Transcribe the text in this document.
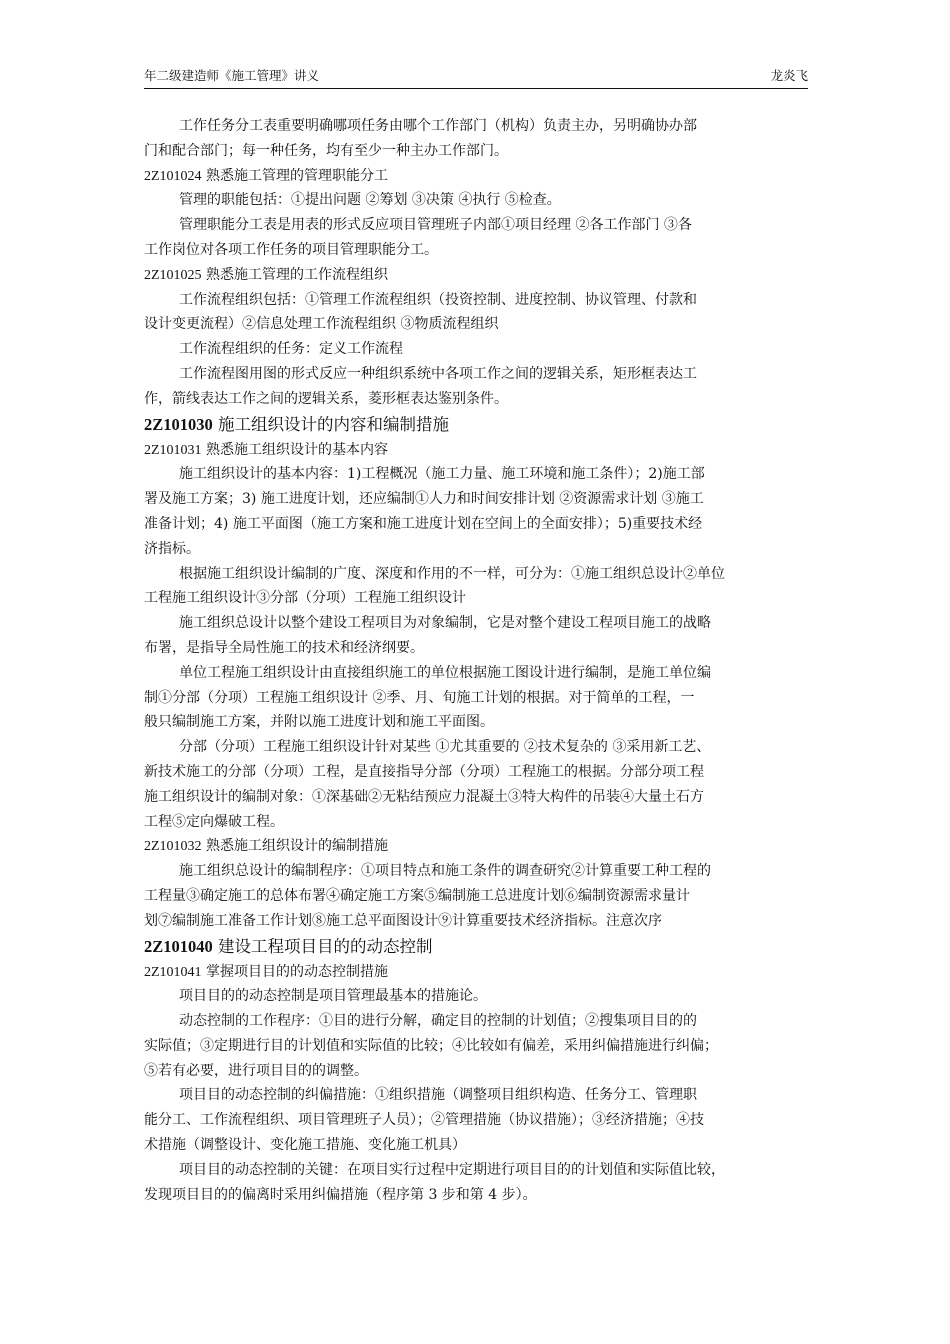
年二级建造师《施工管理》讲义	龙炎飞
工作任务分工表重要明确哪项任务由哪个工作部门（机构）负责主办，另明确协办部
门和配合部门；每一种任务，均有至少一种主办工作部门。
2Z101024 熟悉施工管理的管理职能分工
管理的职能包括：①提出问题 ②筹划 ③决策 ④执行 ⑤检查。
管理职能分工表是用表的形式反应项目管理班子内部①项目经理 ②各工作部门 ③各
工作岗位对各项工作任务的项目管理职能分工。
2Z101025 熟悉施工管理的工作流程组织
工作流程组织包括：①管理工作流程组织（投资控制、进度控制、协议管理、付款和
设计变更流程）②信息处理工作流程组织 ③物质流程组织
工作流程组织的任务：定义工作流程
工作流程图用图的形式反应一种组织系统中各项工作之间的逻辑关系，矩形框表达工
作，箭线表达工作之间的逻辑关系，菱形框表达鉴别条件。
2Z101030 施工组织设计的内容和编制措施
2Z101031 熟悉施工组织设计的基本内容
施工组织设计的基本内容：1)工程概况（施工力量、施工环境和施工条件）；2)施工部
署及施工方案；3) 施工进度计划，还应编制①人力和时间安排计划 ②资源需求计划 ③施工
准备计划；4) 施工平面图（施工方案和施工进度计划在空间上的全面安排）；5)重要技术经
济指标。
根据施工组织设计编制的广度、深度和作用的不一样，可分为：①施工组织总设计②单位
工程施工组织设计③分部（分项）工程施工组织设计
施工组织总设计以整个建设工程项目为对象编制，它是对整个建设工程项目施工的战略
布署，是指导全局性施工的技术和经济纲要。
单位工程施工组织设计由直接组织施工的单位根据施工图设计进行编制，是施工单位编
制①分部（分项）工程施工组织设计 ②季、月、旬施工计划的根据。对于简单的工程，一
般只编制施工方案，并附以施工进度计划和施工平面图。
分部（分项）工程施工组织设计针对某些 ①尤其重要的 ②技术复杂的 ③采用新工艺、
新技术施工的分部（分项）工程，是直接指导分部（分项）工程施工的根据。分部分项工程
施工组织设计的编制对象：①深基础②无粘结预应力混凝土③特大构件的吊装④大量土石方
工程⑤定向爆破工程。
2Z101032 熟悉施工组织设计的编制措施
施工组织总设计的编制程序：①项目特点和施工条件的调查研究②计算重要工种工程的
工程量③确定施工的总体布署④确定施工方案⑤编制施工总进度计划⑥编制资源需求量计
划⑦编制施工准备工作计划⑧施工总平面图设计⑨计算重要技术经济指标。注意次序
2Z101040 建设工程项目目的的动态控制
2Z101041 掌握项目目的的动态控制措施
项目目的的动态控制是项目管理最基本的措施论。
动态控制的工作程序：①目的进行分解，确定目的控制的计划值；②搜集项目目的的
实际值；③定期进行目的计划值和实际值的比较；④比较如有偏差，采用纠偏措施进行纠偏；
⑤若有必要，进行项目目的的调整。
项目目的动态控制的纠偏措施：①组织措施（调整项目组织构造、任务分工、管理职
能分工、工作流程组织、项目管理班子人员）；②管理措施（协议措施）；③经济措施；④技
术措施（调整设计、变化施工措施、变化施工机具）
项目目的动态控制的关键：在项目实行过程中定期进行项目目的的计划值和实际值比较，
发现项目目的的偏离时采用纠偏措施（程序第 3 步和第 4 步）。
